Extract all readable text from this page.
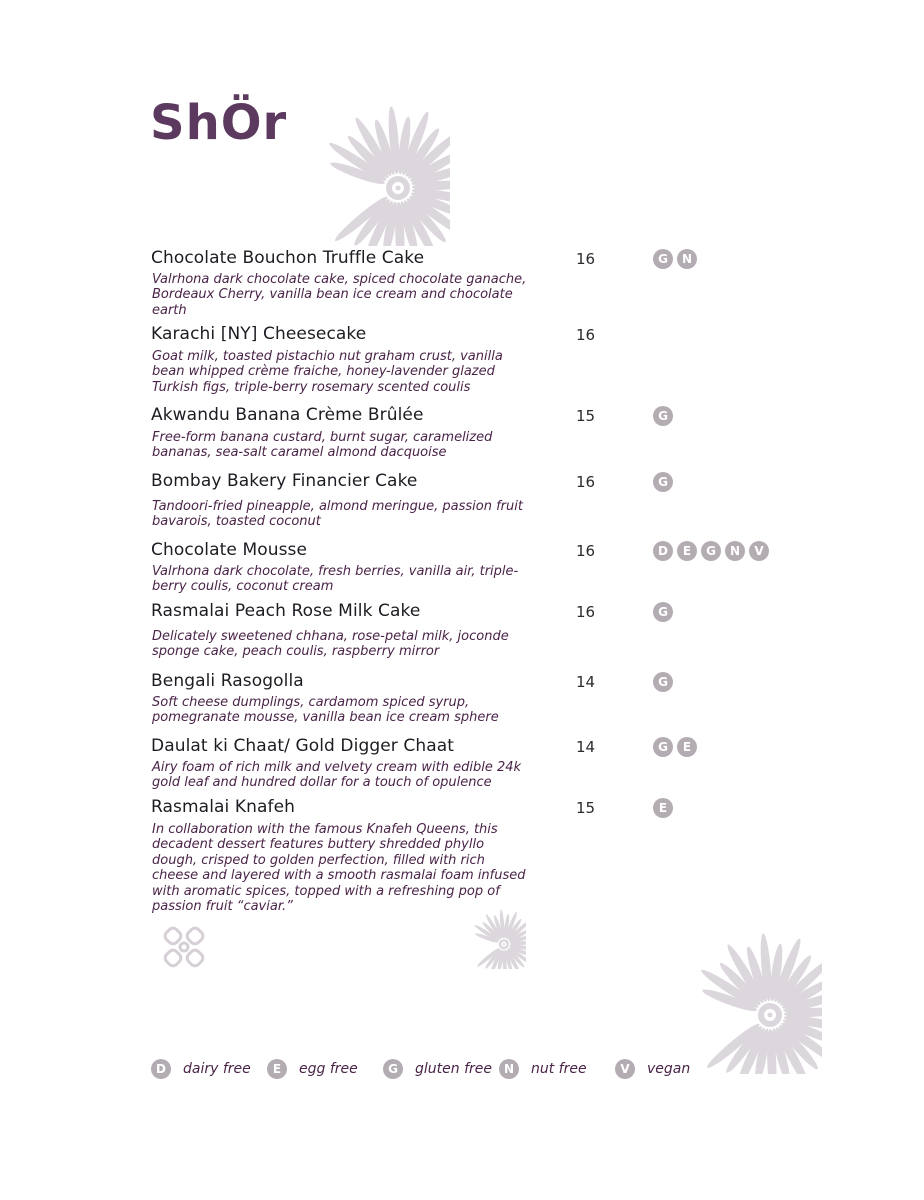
ShÖr
Chocolate Bouchon Truffle Cake	16	G	N
Valrhona dark chocolate cake, spiced chocolate ganache, Bordeaux Cherry, vanilla bean ice cream and chocolate earth
Karachi [NY] Cheesecake	16
Goat milk, toasted pistachio nut graham crust, vanilla bean whipped crème fraiche, honey-lavender glazed Turkish figs, triple-berry rosemary scented coulis
Akwandu Banana Crème Brûlée	15	G
Free-form banana custard, burnt sugar, caramelized bananas, sea-salt caramel almond dacquoise
Bombay Bakery Financier Cake	16	G
Tandoori-fried pineapple, almond meringue, passion fruit bavarois, toasted coconut
Chocolate Mousse	16	D	E	G	N	V
Valrhona dark chocolate, fresh berries, vanilla air, triple-berry coulis, coconut cream
Rasmalai Peach Rose Milk Cake	16	G
Delicately sweetened chhana, rose-petal milk, joconde sponge cake, peach coulis, raspberry mirror
Bengali Rasogolla	14	G
Soft cheese dumplings, cardamom spiced syrup, pomegranate mousse, vanilla bean ice cream sphere
Daulat ki Chaat/ Gold Digger Chaat	14	G	E
Airy foam of rich milk and velvety cream with edible 24k gold leaf and hundred dollar for a touch of opulence
Rasmalai Knafeh	15	E
In collaboration with the famous Knafeh Queens, this decadent dessert features buttery shredded phyllo dough, crisped to golden perfection, filled with rich cheese and layered with a smooth rasmalai foam infused with aromatic spices, topped with a refreshing pop of passion fruit “caviar.”
D	dairy free	E	egg free	G	gluten free N	nut free	V	vegan
